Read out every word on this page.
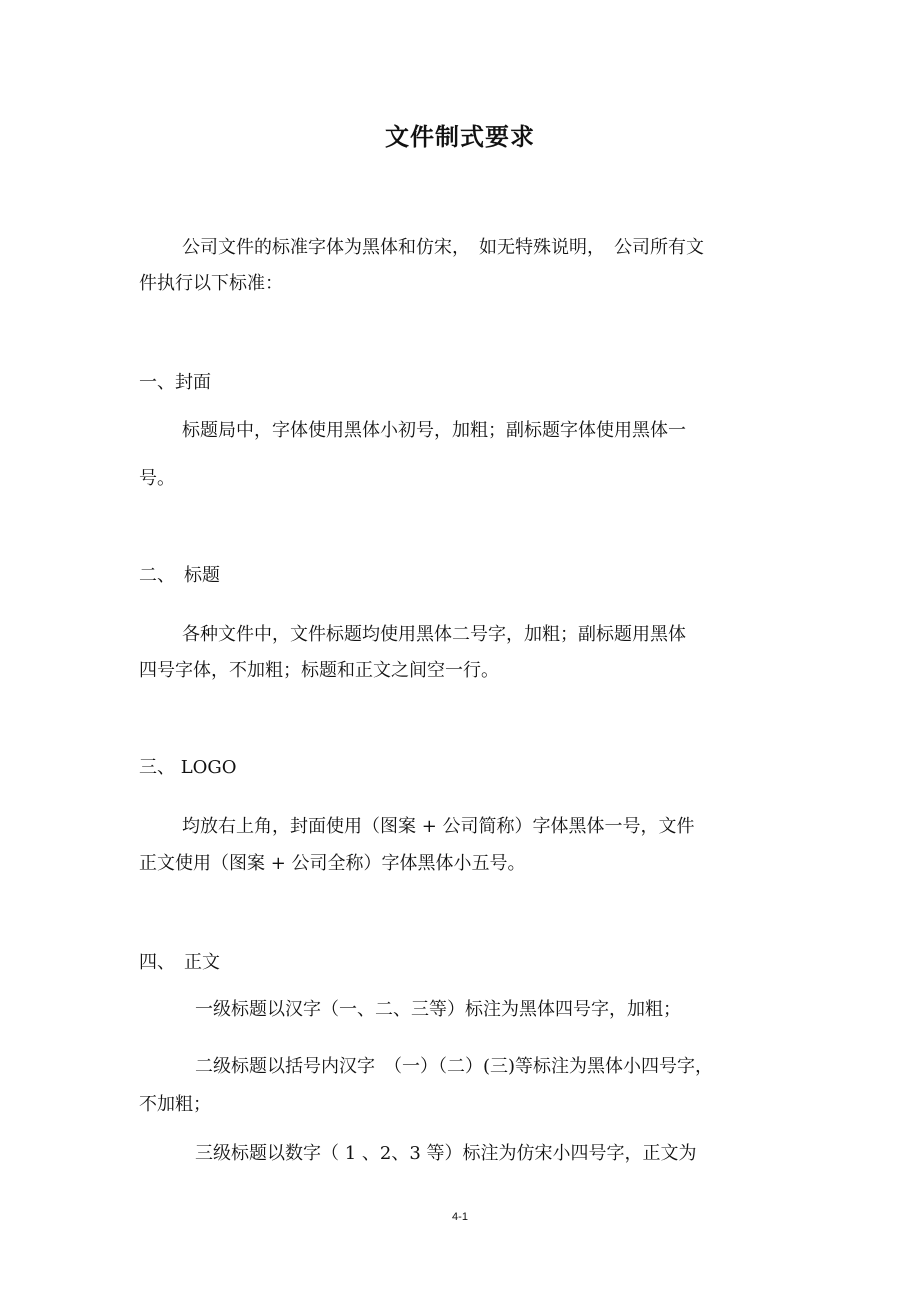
文件制式要求

公司文件的标准字体为黑体和仿宋，　如无特殊说明，　公司所有文

件执行以下标准：

一、封面

标题局中，字体使用黑体小初号，加粗；副标题字体使用黑体一

号。

二、　标题

各种文件中，文件标题均使用黑体二号字，加粗；副标题用黑体

四号字体，不加粗；标题和正文之间空一行。

三、 LOGO

均放右上角，封面使用（图案 + 公司简称）字体黑体一号，文件

正文使用（图案 + 公司全称）字体黑体小五号。

四、　正文

一级标题以汉字（一、二、三等）标注为黑体四号字，加粗；

二级标题以括号内汉字　（一）（二）(三)等标注为黑体小四号字，

不加粗；

三级标题以数字（ 1 、2、3 等）标注为仿宋小四号字，正文为

4-1
